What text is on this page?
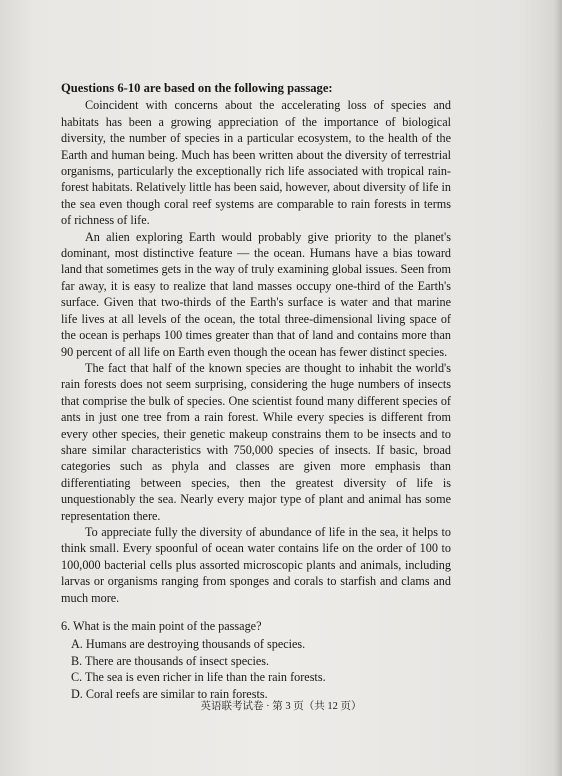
Questions 6-10 are based on the following passage:

Coincident with concerns about the accelerating loss of species and habitats has been a growing appreciation of the importance of biological diversity, the number of species in a particular ecosystem, to the health of the Earth and human being. Much has been written about the diversity of terrestrial organisms, particularly the exceptionally rich life associated with tropical rain-forest habitats. Relatively little has been said, however, about diversity of life in the sea even though coral reef systems are comparable to rain forests in terms of richness of life.

An alien exploring Earth would probably give priority to the planet's dominant, most distinctive feature — the ocean. Humans have a bias toward land that sometimes gets in the way of truly examining global issues. Seen from far away, it is easy to realize that land masses occupy one-third of the Earth's surface. Given that two-thirds of the Earth's surface is water and that marine life lives at all levels of the ocean, the total three-dimensional living space of the ocean is perhaps 100 times greater than that of land and contains more than 90 percent of all life on Earth even though the ocean has fewer distinct species.

The fact that half of the known species are thought to inhabit the world's rain forests does not seem surprising, considering the huge numbers of insects that comprise the bulk of species. One scientist found many different species of ants in just one tree from a rain forest. While every species is different from every other species, their genetic makeup constrains them to be insects and to share similar characteristics with 750,000 species of insects. If basic, broad categories such as phyla and classes are given more emphasis than differentiating between species, then the greatest diversity of life is unquestionably the sea. Nearly every major type of plant and animal has some representation there.

To appreciate fully the diversity of abundance of life in the sea, it helps to think small. Every spoonful of ocean water contains life on the order of 100 to 100,000 bacterial cells plus assorted microscopic plants and animals, including larvas or organisms ranging from sponges and corals to starfish and clams and much more.

6. What is the main point of the passage?

A. Humans are destroying thousands of species.

B. There are thousands of insect species.

C. The sea is even richer in life than the rain forests.

D. Coral reefs are similar to rain forests.

英语联考试卷 · 第 3 页（共 12 页）
